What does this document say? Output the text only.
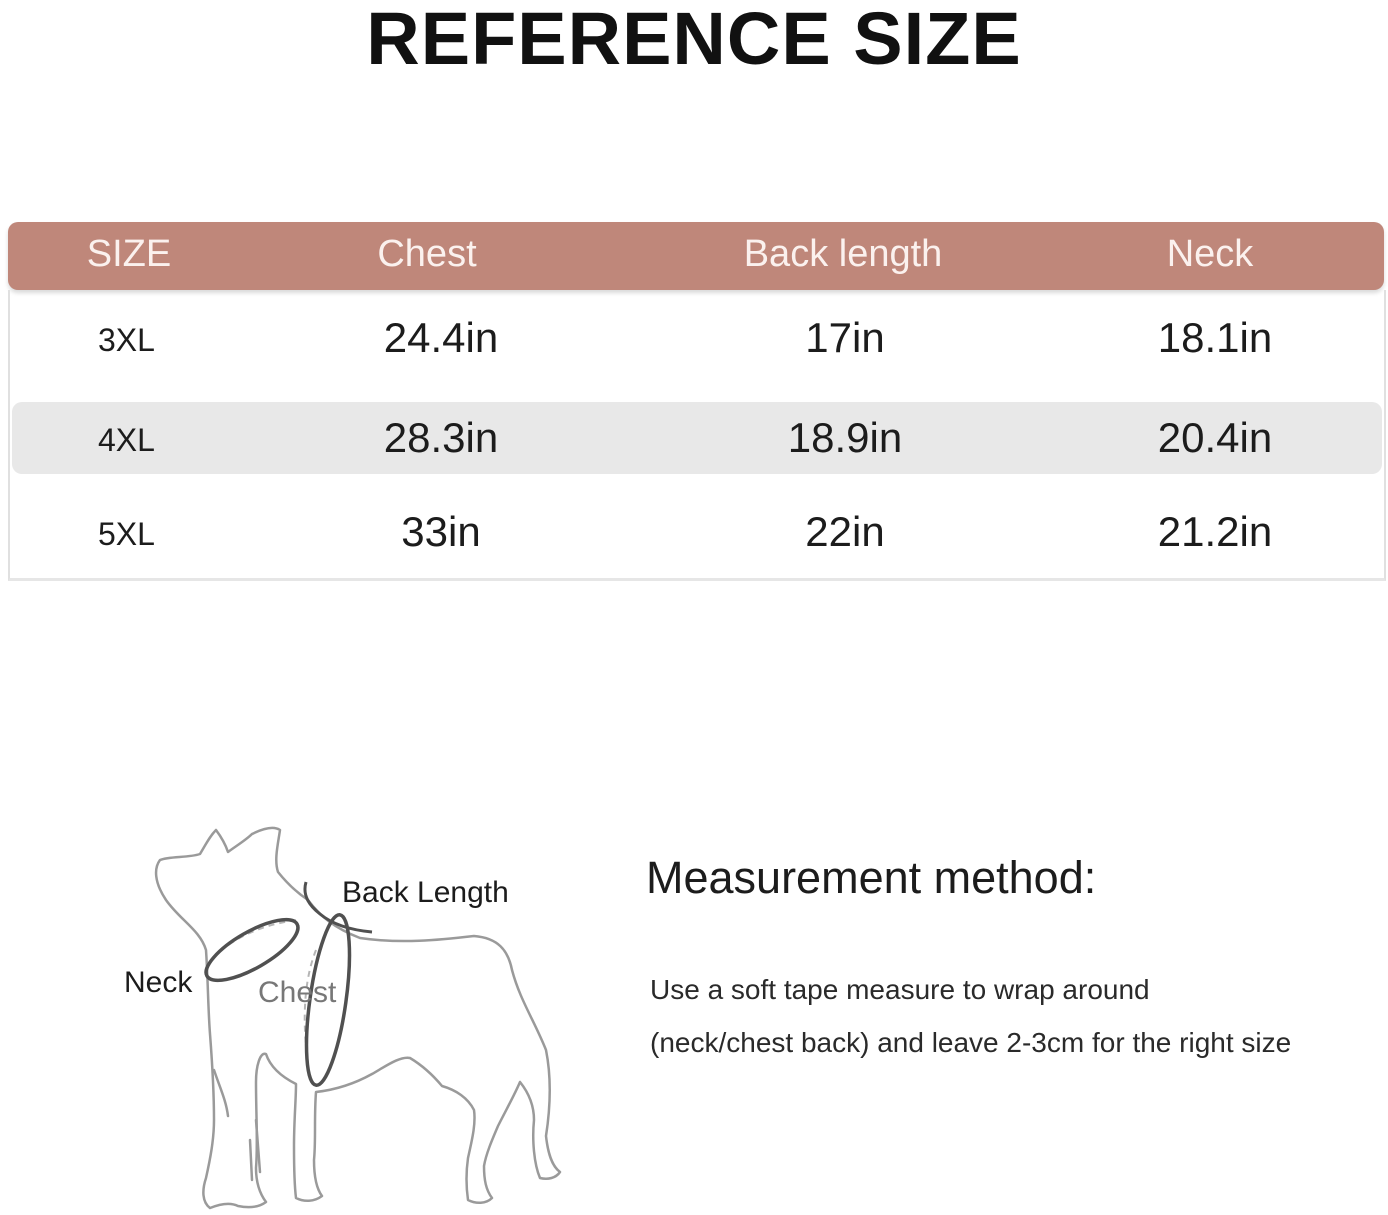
REFERENCE SIZE
SIZE	Chest	Back length	Neck
3XL	24.4in	17in	18.1in
4XL	28.3in	18.9in	20.4in
5XL	33in	22in	21.2in
Back Length
Neck Chest
Measurement method:
Use a soft tape measure to wrap around
(neck/chest back) and leave 2-3cm for the right size
